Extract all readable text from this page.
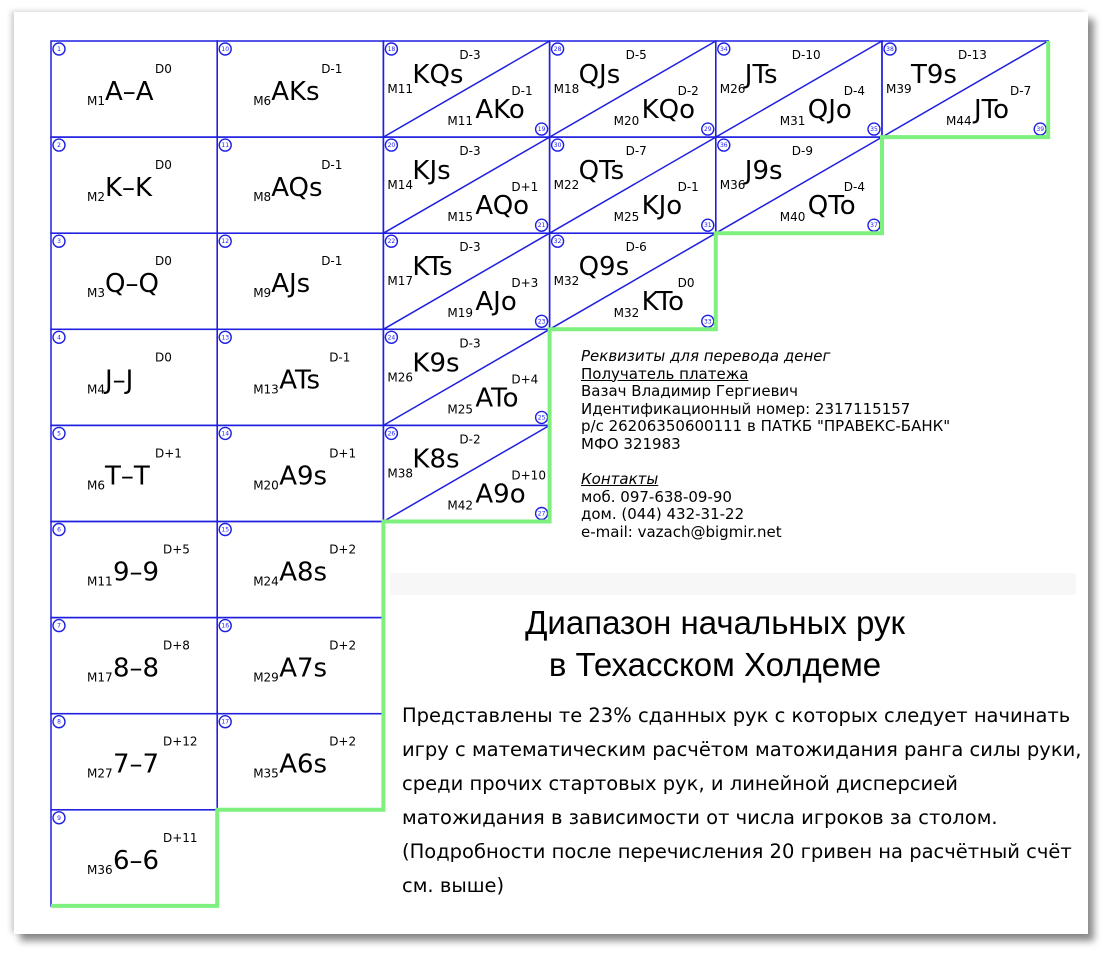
1
M1 A–A
D0
2
M2 K–K
D0
3
M3 Q–Q
D0
4
M4 J–J
D0
5
M6 T–T
D+1
6
M11 9–9
D+5
7
M17 8–8
D+8
8
M27 7–7
D+12
9
M36 6–6
D+11
10
M6 AKs
D-1
11
M8 AQs
D-1
12
M9 AJs
D-1
13
M13 ATs
D-1
14
M20 A9s
D+1
15
M24 A8s
D+2
16
M29 A7s
D+2
17
M35 A6s
D+2
18
19
M11 KQs
D-3
D-1
M11 AKo
20
21
M14 KJs
D-3
D+1
M15 AQo
22
23
M17 KTs
D-3
D+3
M19 AJo
24
25
M26 K9s
D-3
D+4
M25 ATo
26
27
M38 K8s
D-2
D+10
M42 A9o
28
29
M18 QJs
D-5
D-2
M20 KQo
30
31
M22 QTs
D-7
D-1
M25 KJo
32
33
M32 Q9s
D-6
D0
M32 KTo
34
35
M26 JTs
D-10
D-4
M31 QJo
36
37
M36 J9s
D-9
D-4
M40 QTo
38
39
M39 T9s
D-13
D-7
M44 JTo
Реквизиты для перевода денег
Получатель платежа
Вазач Владимир Гергиевич
Идентификационный номер: 2317115157
р/с 26206350600111 в ПАТКБ "ПРАВЕКС-БАНК"
МФО 321983
Контакты
моб. 097-638-09-90
дом. (044) 432-31-22
e-mail: vazach@bigmir.net
Диапазон начальных рук
в Техасском Холдеме
Представлены те 23% сданных рук с которых следует начинать игру с математическим расчётом матожидания ранга силы руки, среди прочих стартовых рук, и линейной дисперсией матожидания в зависимости от числа игроков за столом. (Подробности после перечисления 20 гривен на расчётный счёт см. выше)
